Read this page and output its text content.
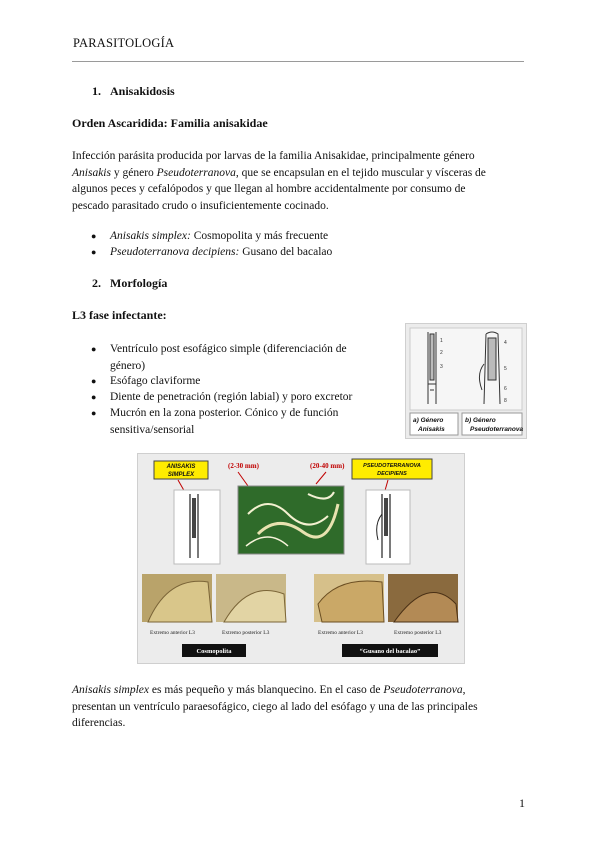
PARASITOLOGÍA
1. Anisakidosis
Orden Ascaridida: Familia anisakidae
Infección parásita producida por larvas de la familia Anisakidae, principalmente género
Anisakis y género Pseudoterranova, que se encapsulan en el tejido muscular y vísceras de
algunos peces y cefalópodos y que llegan al hombre accidentalmente por consumo de
pescado parasitado crudo o insuficientemente cocinado.
● Anisakis simplex: Cosmopolita y más frecuente
● Pseudoterranova decipiens: Gusano del bacalao
2. Morfología
L3 fase infectante:
● Ventrículo post esofágico simple (diferenciación de
género)
● Esófago claviforme
● Diente de penetración (región labial) y poro excretor
● Mucrón en la zona posterior. Cónico y de función
sensitiva/sensorial
1
2
3
4
5
6
8
a) Género
Anisakis
b) Género
Pseudoterranova
ANISAKIS
SIMPLEX
(2-30 mm)	(20-40 mm)	PSEUDOTERRANOVA
DECIPIENS
Extremo anterior L3	Extremo posterior L3	Extremo anterior L3	Extremo posterior L3
Cosmopolita	“Gusano del bacalao”
Anisakis simplex es más pequeño y más blanquecino. En el caso de Pseudoterranova,
presentan un ventrículo paraesofágico, ciego al lado del esófago y una de las principales
diferencias.
1
